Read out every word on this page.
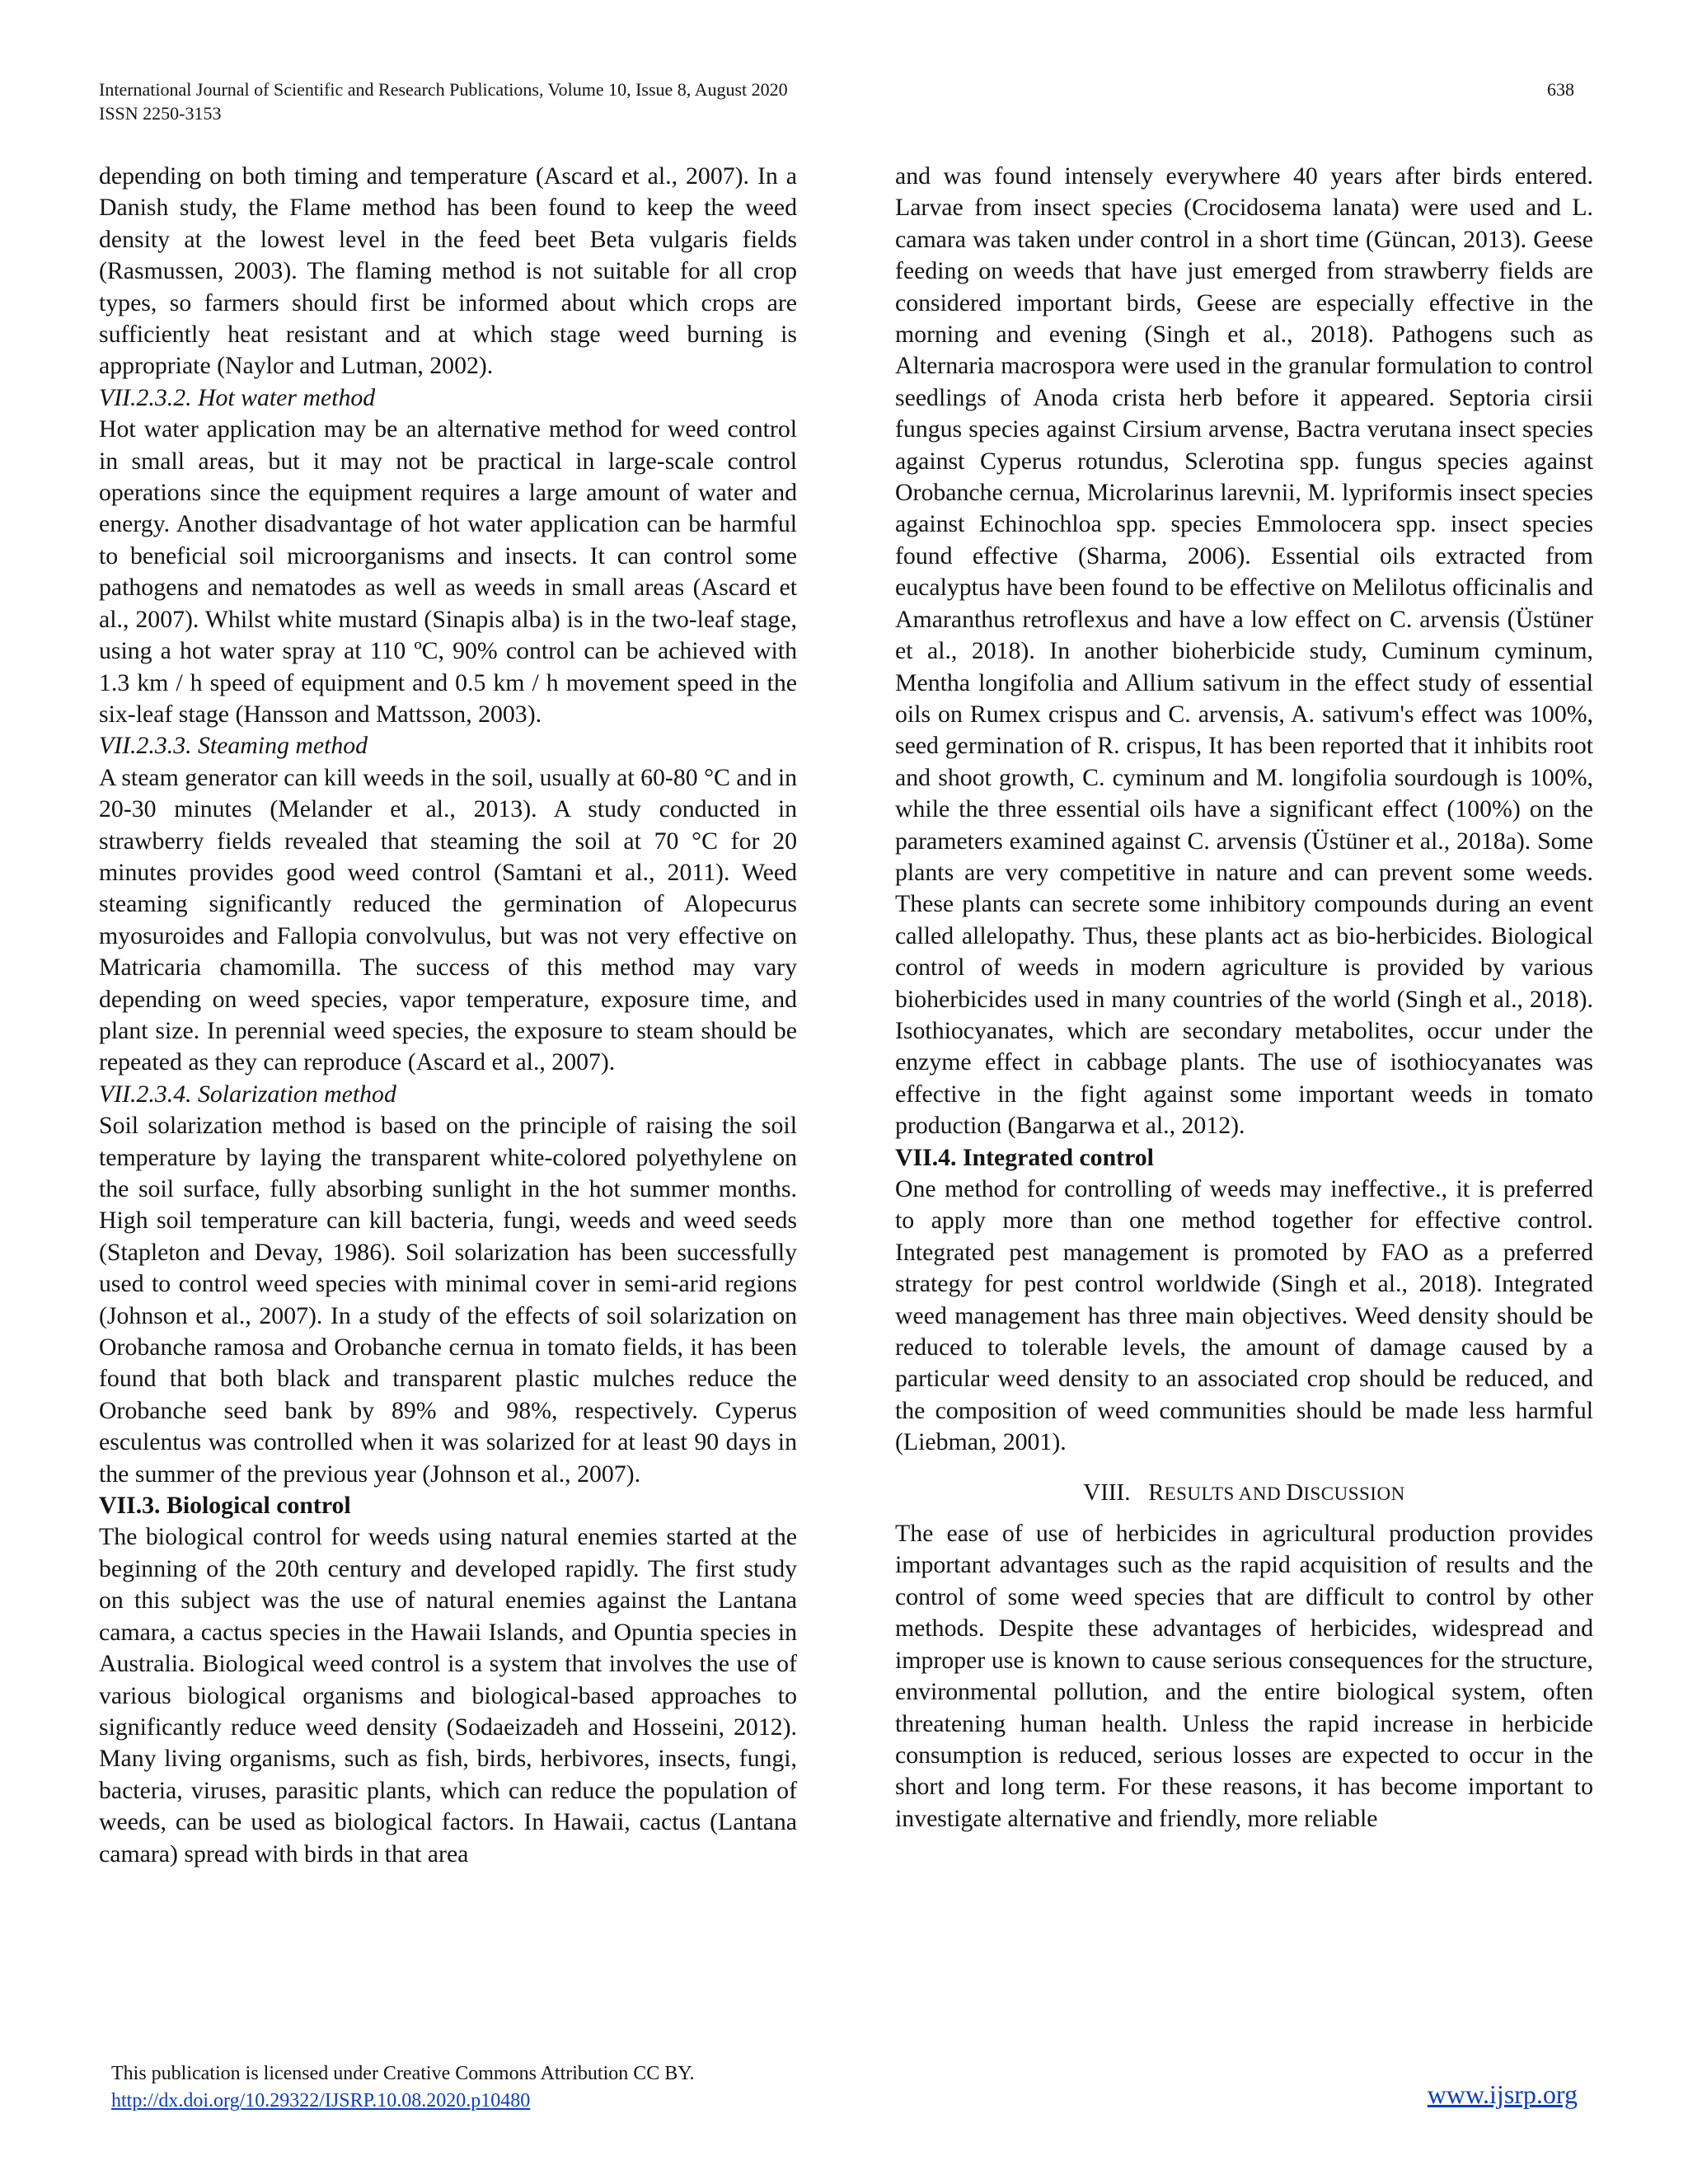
International Journal of Scientific and Research Publications, Volume 10, Issue 8, August 2020
ISSN 2250-3153
638

depending on both timing and temperature (Ascard et al., 2007). In a Danish study, the Flame method has been found to keep the weed density at the lowest level in the feed beet Beta vulgaris fields (Rasmussen, 2003). The flaming method is not suitable for all crop types, so farmers should first be informed about which crops are sufficiently heat resistant and at which stage weed burning is appropriate (Naylor and Lutman, 2002).

VII.2.3.2. Hot water method

Hot water application may be an alternative method for weed control in small areas, but it may not be practical in large-scale control operations since the equipment requires a large amount of water and energy. Another disadvantage of hot water application can be harmful to beneficial soil microorganisms and insects. It can control some pathogens and nematodes as well as weeds in small areas (Ascard et al., 2007). Whilst white mustard (Sinapis alba) is in the two-leaf stage, using a hot water spray at 110 ºC, 90% control can be achieved with 1.3 km / h speed of equipment and 0.5 km / h movement speed in the six-leaf stage (Hansson and Mattsson, 2003).

VII.2.3.3. Steaming method

A steam generator can kill weeds in the soil, usually at 60-80 °C and in 20-30 minutes (Melander et al., 2013). A study conducted in strawberry fields revealed that steaming the soil at 70 °C for 20 minutes provides good weed control (Samtani et al., 2011). Weed steaming significantly reduced the germination of Alopecurus myosuroides and Fallopia convolvulus, but was not very effective on Matricaria chamomilla. The success of this method may vary depending on weed species, vapor temperature, exposure time, and plant size. In perennial weed species, the exposure to steam should be repeated as they can reproduce (Ascard et al., 2007).

VII.2.3.4. Solarization method

Soil solarization method is based on the principle of raising the soil temperature by laying the transparent white-colored polyethylene on the soil surface, fully absorbing sunlight in the hot summer months. High soil temperature can kill bacteria, fungi, weeds and weed seeds (Stapleton and Devay, 1986). Soil solarization has been successfully used to control weed species with minimal cover in semi-arid regions (Johnson et al., 2007). In a study of the effects of soil solarization on Orobanche ramosa and Orobanche cernua in tomato fields, it has been found that both black and transparent plastic mulches reduce the Orobanche seed bank by 89% and 98%, respectively. Cyperus esculentus was controlled when it was solarized for at least 90 days in the summer of the previous year (Johnson et al., 2007).

VII.3. Biological control

The biological control for weeds using natural enemies started at the beginning of the 20th century and developed rapidly. The first study on this subject was the use of natural enemies against the Lantana camara, a cactus species in the Hawaii Islands, and Opuntia species in Australia. Biological weed control is a system that involves the use of various biological organisms and biological-based approaches to significantly reduce weed density (Sodaeizadeh and Hosseini, 2012). Many living organisms, such as fish, birds, herbivores, insects, fungi, bacteria, viruses, parasitic plants, which can reduce the population of weeds, can be used as biological factors. In Hawaii, cactus (Lantana camara) spread with birds in that area

and was found intensely everywhere 40 years after birds entered. Larvae from insect species (Crocidosema lanata) were used and L. camara was taken under control in a short time (Güncan, 2013). Geese feeding on weeds that have just emerged from strawberry fields are considered important birds, Geese are especially effective in the morning and evening (Singh et al., 2018). Pathogens such as Alternaria macrospora were used in the granular formulation to control seedlings of Anoda crista herb before it appeared. Septoria cirsii fungus species against Cirsium arvense, Bactra verutana insect species against Cyperus rotundus, Sclerotina spp. fungus species against Orobanche cernua, Microlarinus larevnii, M. lypriformis insect species against Echinochloa spp. species Emmolocera spp. insect species found effective (Sharma, 2006). Essential oils extracted from eucalyptus have been found to be effective on Melilotus officinalis and Amaranthus retroflexus and have a low effect on C. arvensis (Üstüner et al., 2018). In another bioherbicide study, Cuminum cyminum, Mentha longifolia and Allium sativum in the effect study of essential oils on Rumex crispus and C. arvensis, A. sativum's effect was 100%, seed germination of R. crispus, It has been reported that it inhibits root and shoot growth, C. cyminum and M. longifolia sourdough is 100%, while the three essential oils have a significant effect (100%) on the parameters examined against C. arvensis (Üstüner et al., 2018a). Some plants are very competitive in nature and can prevent some weeds. These plants can secrete some inhibitory compounds during an event called allelopathy. Thus, these plants act as bio-herbicides. Biological control of weeds in modern agriculture is provided by various bioherbicides used in many countries of the world (Singh et al., 2018). Isothiocyanates, which are secondary metabolites, occur under the enzyme effect in cabbage plants. The use of isothiocyanates was effective in the fight against some important weeds in tomato production (Bangarwa et al., 2012).

VII.4. Integrated control

One method for controlling of weeds may ineffective., it is preferred to apply more than one method together for effective control. Integrated pest management is promoted by FAO as a preferred strategy for pest control worldwide (Singh et al., 2018). Integrated weed management has three main objectives. Weed density should be reduced to tolerable levels, the amount of damage caused by a particular weed density to an associated crop should be reduced, and the composition of weed communities should be made less harmful (Liebman, 2001).

VIII. RESULTS AND DISCUSSION

The ease of use of herbicides in agricultural production provides important advantages such as the rapid acquisition of results and the control of some weed species that are difficult to control by other methods. Despite these advantages of herbicides, widespread and improper use is known to cause serious consequences for the structure, environmental pollution, and the entire biological system, often threatening human health. Unless the rapid increase in herbicide consumption is reduced, serious losses are expected to occur in the short and long term. For these reasons, it has become important to investigate alternative and friendly, more reliable

This publication is licensed under Creative Commons Attribution CC BY.
http://dx.doi.org/10.29322/IJSRP.10.08.2020.p10480	www.ijsrp.org
